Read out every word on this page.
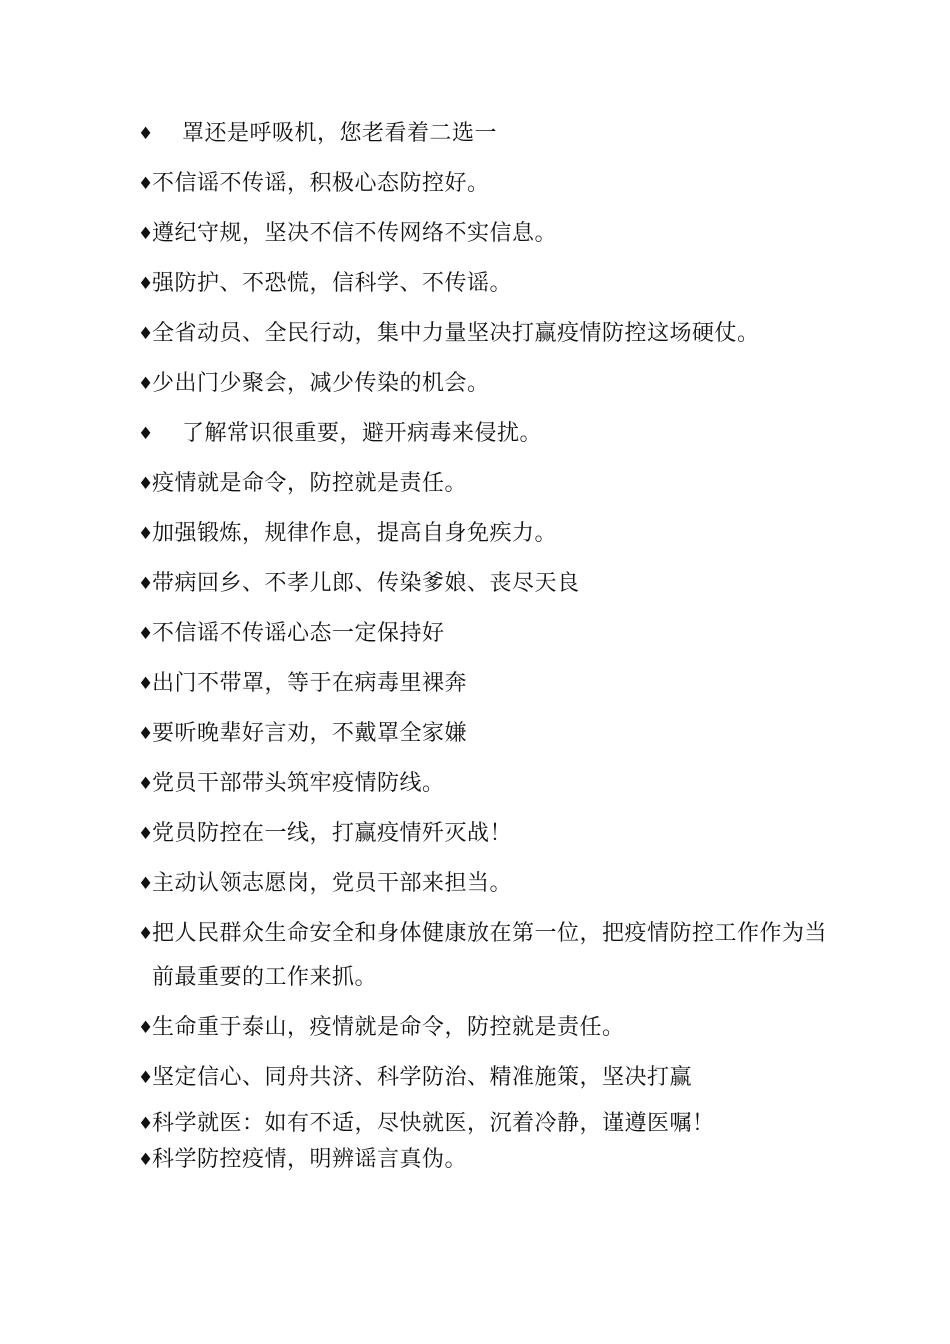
♦	罩还是呼吸机，您老看着二选一
♦
不信谣不传谣，积极心态防控好。
♦
遵纪守规，坚决不信不传网络不实信息。
♦
强防护、不恐慌，信科学、不传谣。
♦
全省动员、全民行动，集中力量坚决打赢疫情防控这场硬仗。
♦
少出门少聚会，减少传染的机会。
♦	了解常识很重要，避开病毒来侵扰。
♦
疫情就是命令，防控就是责任。
♦
加强锻炼，规律作息，提高自身免疾力。
♦
带病回乡、不孝儿郎、传染爹娘、丧尽天良
♦
不信谣不传谣心态一定保持好
♦
出门不带罩，等于在病毒里裸奔
♦
要听晚辈好言劝，不戴罩全家嫌
♦
党员干部带头筑牢疫情防线。
♦
党员防控在一线，打赢疫情歼灭战！
♦
主动认领志愿岗，党员干部来担当。
♦
把人民群众生命安全和身体健康放在第一位，把疫情防控工作作为当前最重要的工作来抓。
♦
生命重于泰山，疫情就是命令，防控就是责任。
♦
坚定信心、同舟共济、科学防治、精准施策，坚决打赢
♦
科学就医：如有不适，尽快就医，沉着冷静，谨遵医嘱！
♦
科学防控疫情，明辨谣言真伪。
